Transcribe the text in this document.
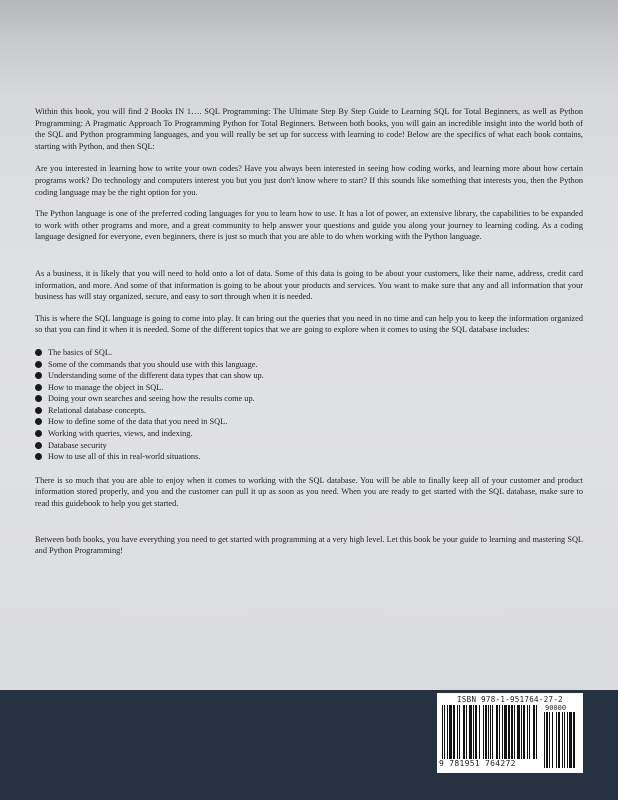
Within this book, you will find 2 Books IN 1…. SQL Programming: The Ultimate Step By Step Guide to Learning SQL for Total Beginners, as well as Python Programming: A Pragmatic Approach To Programming Python for Total Beginners. Between both books, you will gain an incredible insight into the world both of the SQL and Python programming languages, and you will really be set up for success with learning to code! Below are the specifics of what each book contains, starting with Python, and then SQL:

Are you interested in learning how to write your own codes? Have you always been interested in seeing how coding works, and learning more about how certain programs work? Do technology and computers interest you but you just don't know where to start? If this sounds like something that interests you, then the Python coding language may be the right option for you.

The Python language is one of the preferred coding languages for you to learn how to use. It has a lot of power, an extensive library, the capabilities to be expanded to work with other programs and more, and a great community to help answer your questions and guide you along your journey to learning coding. As a coding language designed for everyone, even beginners, there is just so much that you are able to do when working with the Python language.

As a business, it is likely that you will need to hold onto a lot of data. Some of this data is going to be about your customers, like their name, address, credit card information, and more. And some of that information is going to be about your products and services. You want to make sure that any and all information that your business has will stay organized, secure, and easy to sort through when it is needed.

This is where the SQL language is going to come into play. It can bring out the queries that you need in no time and can help you to keep the information organized so that you can find it when it is needed. Some of the different topics that we are going to explore when it comes to using the SQL database includes:

The basics of SQL.
Some of the commands that you should use with this language.
Understanding some of the different data types that can show up.
How to manage the object in SQL.
Doing your own searches and seeing how the results come up.
Relational database concepts.
How to define some of the data that you need in SQL.
Working with queries, views, and indexing.
Database security
How to use all of this in real-world situations.

There is so much that you are able to enjoy when it comes to working with the SQL database. You will be able to finally keep all of your customer and product information stored properly, and you and the customer can pull it up as soon as you need. When you are ready to get started with the SQL database, make sure to read this guidebook to help you get started.

Between both books, you have everything you need to get started with programming at a very high level. Let this book be your guide to learning and mastering SQL and Python Programming!

ISBN 978-1-951764-27-2
9 781951 764272
90000
